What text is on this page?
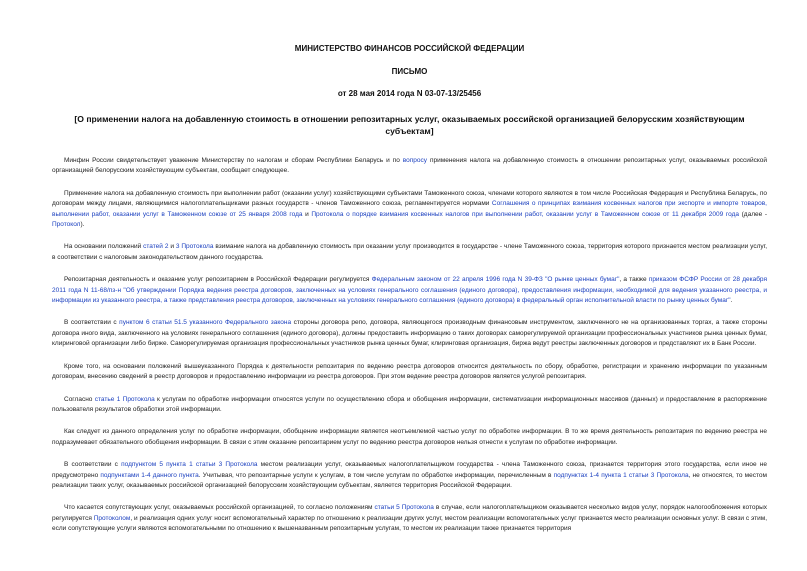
МИНИСТЕРСТВО ФИНАНСОВ РОССИЙСКОЙ ФЕДЕРАЦИИ
ПИСЬМО
от 28 мая 2014 года N 03-07-13/25456
[О применении налога на добавленную стоимость в отношении репозитарных услуг, оказываемых российской организацией белорусским хозяйствующим субъектам]

Минфин России свидетельствует уважение Министерству по налогам и сборам Республики Беларусь и по вопросу применения налога на добавленную стоимость в отношении репозитарных услуг, оказываемых российской организацией белорусским хозяйствующим субъектам, сообщает следующее.

Применение налога на добавленную стоимость при выполнении работ (оказании услуг) хозяйствующими субъектами Таможенного союза, членами которого являются в том числе Российская Федерация и Республика Беларусь, по договорам между лицами, являющимися налогоплательщиками разных государств - членов Таможенного союза, регламентируется нормами Соглашения о принципах взимания косвенных налогов при экспорте и импорте товаров, выполнении работ, оказании услуг в Таможенном союзе от 25 января 2008 года и Протокола о порядке взимания косвенных налогов при выполнении работ, оказании услуг в Таможенном союзе от 11 декабря 2009 года (далее - Протокол).

На основании положений статей 2 и 3 Протокола взимание налога на добавленную стоимость при оказании услуг производится в государстве - члене Таможенного союза, территория которого признается местом реализации услуг, в соответствии с налоговым законодательством данного государства.

Репозитарная деятельность и оказание услуг репозитарием в Российской Федерации регулируется Федеральным законом от 22 апреля 1996 года N 39-ФЗ "О рынке ценных бумаг", а также приказом ФСФР России от 28 декабря 2011 года N 11-68/пз-н "Об утверждении Порядка ведения реестра договоров, заключенных на условиях генерального соглашения (единого договора), предоставления информации, необходимой для ведения указанного реестра, и информации из указанного реестра, а также представления реестра договоров, заключенных на условиях генерального соглашения (единого договора) в федеральный орган исполнительной власти по рынку ценных бумаг".

В соответствии с пунктом 6 статьи 51.5 указанного Федерального закона стороны договора репо, договора, являющегося производным финансовым инструментом, заключенного не на организованных торгах, а также стороны договора иного вида, заключенного на условиях генерального соглашения (единого договора), должны предоставить информацию о таких договорах саморегулируемой организации профессиональных участников рынка ценных бумаг, клиринговой организации либо бирже. Саморегулируемая организация профессиональных участников рынка ценных бумаг, клиринговая организация, биржа ведут реестры заключенных договоров и представляют их в Банк России.

Кроме того, на основании положений вышеуказанного Порядка к деятельности репозитария по ведению реестра договоров относится деятельность по сбору, обработке, регистрации и хранению информации по указанным договорам, внесению сведений в реестр договоров и предоставлению информации из реестра договоров. При этом ведение реестра договоров является услугой репозитария.

Согласно статье 1 Протокола к услугам по обработке информации относятся услуги по осуществлению сбора и обобщения информации, систематизации информационных массивов (данных) и предоставление в распоряжение пользователя результатов обработки этой информации.

Как следует из данного определения услуг по обработке информации, обобщение информации является неотъемлемой частью услуг по обработке информации. В то же время деятельность репозитария по ведению реестра не подразумевает обязательного обобщения информации. В связи с этим оказание репозитарием услуг по ведению реестра договоров нельзя отнести к услугам по обработке информации.

В соответствии с подпунктом 5 пункта 1 статьи 3 Протокола местом реализации услуг, оказываемых налогоплательщиком государства - члена Таможенного союза, признается территория этого государства, если иное не предусмотрено подпунктами 1-4 данного пункта. Учитывая, что репозитарные услуги к услугам, в том числе услугам по обработке информации, перечисленным в подпунктах 1-4 пункта 1 статьи 3 Протокола, не относятся, то местом реализации таких услуг, оказываемых российской организацией белорусским хозяйствующим субъектам, является территория Российской Федерации.

Что касается сопутствующих услуг, оказываемых российской организацией, то согласно положениям статьи 5 Протокола в случае, если налогоплательщиком оказывается несколько видов услуг, порядок налогообложения которых регулируется Протоколом, и реализация одних услуг носит вспомогательный характер по отношению к реализации других услуг, местом реализации вспомогательных услуг признается место реализации основных услуг. В связи с этим, если сопутствующие услуги являются вспомогательными по отношению к вышеназванным репозитарным услугам, то местом их реализации также признается территория
